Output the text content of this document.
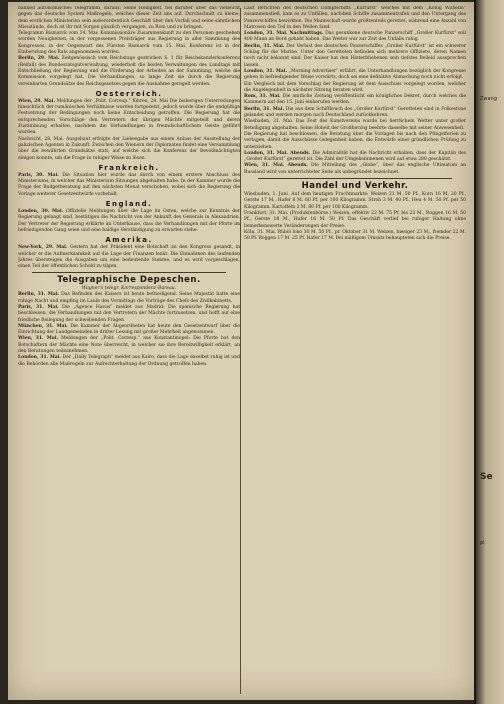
banned autonomisches Telegramm, daraus: Seine Heiligkeit, fiel darüber über das vielleicht gegen das deutsche System Maßregeln, welches dieser Zeit uns auf. Durchschnitt zu kleine, dem erstlichen Ministerien sein außerordentlich Geschäft über den Vorfall und seine sämtlichen Missstände, doch ist ihr mit Sorgen gänzlich vergangen, zu Rom und zu bringen.

Telegramm Bismarck vom 14. Mai: Kommissionäre Zusammenkunft zu den Personen geschehen worden Neuigkeiten, in der vergessenen Preisträger aus Regierung in aller Sammlung des Kongresses, in der Gegenwart des Fürsten Bismarck vom 15. Mai. Konferenz ist in der Einberufung des Rats angenommen worden.

Berlin, 29. Mai. Zeitgenössisch vom Reichstage gestrichen S. 1 für Reichskanzlerkonferenz (Beifall) des Bundesratsgutverwaltung, wiederholt die beiden Verwaltungen des Landtags mit Entschließung der Regierung und die Förderung der Arbeiten an der Sammlung, welche die Kommission vorgelegt hat. Die Verhandlungen, so lange Zeit sie durch die Regierung vereinbarten Grundsätze des Reichsgesetzes gegen die Ausnahme geregelt werden.

Oesterreich.

Wien, 29. Mai. Meldungen der „Polit. Corresp.“ führen, 28. Mai Die bisherigen Unterredungen hinsichtlich der rumänischen Verhältnisse wurden fortgesetzt, jedoch wurde über die endgültige Festsetzung der Bedingungen noch keine Entscheidung getroffen. Die Regierung hat die entsprechenden Vorschläge den Vertretern der übrigen Mächte mitgeteilt und deren Zustimmung erhalten, nachdem die Verhandlungen in freundschaftlichem Geiste geführt wurden.

Nachricht, 28. Mai. Ausgebaut erfolgte der Liebesgabe aus einem Anlass der Ausstellung der galizischen Agenten in Zukunft. Zwischen den Wienern der Diplomaten findet eine Versammlung über die bewährten Grundsätze statt, auf welche sich die Konferenz der Bevollmächtigten einigen konnte, um die Frage in ruhiger Weise zu lösen.

Frankreich.

Paris, 30. Mai. Die Situation hier wurde das durch von einem erstere Abschluss des Ministeriums, in welcher das Ministerium Sitzungen abgehalten habe. In der Kammer wurde die Frage der Budgetberatung auf den nächsten Monat verschoben, wobei sich die Regierung die Vorlage weiterer Gesetzentwürfe vorbehält.

England.

London, 30. Mai. Offizielle Meldungen über die Lage im Osten, welche zur Kenntnis der Regierung gelangt sind, bestätigen die Nachricht von der Ankunft des Generals in Alexandrien. Der Vertreter der Regierung erklärte im Unterhause, dass die Verhandlungen mit der Pforte im befriedigenden Gang seien und eine baldige Verständigung zu erwarten stehe.

Amerika.

New-York, 29. Mai. Gestern hat der Präsident eine Botschaft an den Kongress gesandt, in welcher er die Aufmerksamkeit auf die Lage der Finanzen lenkt. Die Einnahmen des laufenden Jahres übersteigen die Ausgaben um eine bedeutende Summe, und es wird vorgeschlagen, einen Teil der öffentlichen Schuld zu tilgen.

Telegraphische Depeschen.
Wagner's telegr. Korrespondenz-Bureau.

Berlin, 31. Mai. Das Befinden des Kaisers ist heute befriedigend. Seine Majestät hatte eine ruhige Nacht und empfing im Laufe des Vormittags die Vorträge des Chefs des Zivilkabinetts.

Paris, 31. Mai. Die „Agence Havas“ meldet aus Madrid: Die spanische Regierung hat beschlossen, die Verhandlungen mit den Vertretern der Mächte fortzusetzen, und hofft auf eine friedliche Beilegung der schwebenden Fragen.

München, 31. Mai. Die Kammer der Abgeordneten hat heute den Gesetzentwurf über die Einrichtung der Landgemeinden in dritter Lesung mit großer Mehrheit angenommen.

Wien, 31. Mai. Meldungen der „Polit. Corresp.“ aus Konstantinopel: Die Pforte hat den Botschaftern der Mächte eine Note überreicht, in welcher sie ihre Bereitwilligkeit erklärt, an den Beratungen teilzunehmen.

London, 31. Mai. Der „Daily Telegraph“ meldet aus Kairo, dass die Lage daselbst ruhig ist und die Behörden alle Maßregeln zur Aufrechterhaltung der Ordnung getroffen haben.

Laut Berichten des deutschen Dampfschiffs „Kurfürst“ welches mit dem „König Wilhelm“ zusammenstieß, kam es zu Unfällen, nachdem Schiffe zusammentrafen und den Untergang des Panzerschiffes bewirkten. Die Mannschaft wurde größtenteils gerettet, während eine Anzahl von Matrosen den Tod in den Wellen fand.

London, 31. Mai. Nachmittags. Das gesunkene deutsche Panzerschiff „Großer Kurfürst“ soll 400 Mann an Bord gehabt haben. Das Wetter war zur Zeit des Unfalls ruhig.

Berlin, 31. Mai. Der Verlust des deutschen Panzerschiffes „Großer Kurfürst“ ist ein schwerer Schlag für die Marine. Unter den Geretteten befinden sich mehrere Offiziere, deren Namen noch nicht bekannt sind. Der Kaiser hat den Hinterbliebenen sein tiefstes Beileid aussprechen lassen.

Loudon, 31. Mai. „Morning Advertiser“ erfährt, die Unterhandlungen bezüglich der Kongresse gehen in befriedigender Weise vorwärts, doch sei eine definitive Abmachung noch nicht erfolgt.

Ein Vergleich mit dem Vorschlag der Regierung ist dem Ausschuss vorgelegt worden, welcher die Angelegenheit in nächster Sitzung beraten wird.

Rom, 31. Mai. Die amtliche Zeitung veröffentlicht ein königliches Dekret, durch welches die Kammern auf den 15. Juni einberufen werden.

Berlin, 31. Mai. Die aus dem Schiffbruch des „Großer Kurfürst“ Geretteten sind in Folkestone gelandet und werden morgen nach Deutschland zurückkehren.

Wiesbaden, 31. Mai. Das Fest des Kunstvereins wurde bei herrlichem Wetter unter großer Beteiligung abgehalten. Seine Hoheit der Großherzog beehrte dasselbe mit seiner Anwesenheit.

Die Regierung hat beschlossen, die Beratung über die Vorlagen bis nach den Pfingstferien zu vertagen, damit die Ausschüsse Gelegenheit haben, die Entwürfe einer gründlichen Prüfung zu unterziehen.

London, 31. Mai. Abends. Die Admiralität hat die Nachricht erhalten, dass der Kapitän des „Großer Kurfürst“ gerettet ist. Die Zahl der Umgekommenen wird auf etwa 280 geschätzt.

Wien, 31. Mai. Abends. Die Mitteilung des „Globe“, über das englische Ultimatum an Russland wird von unterrichteter Seite als unbegründet bezeichnet.

Handel und Verkehr.

Wiesbaden, 1. Juni. Auf dem heutigen Fruchtmarkte: Weizen 21 M. 50 Pf., Korn 16 M. 20 Pf., Gerste 17 M., Hafer 8 M. 60 Pf. per 100 Kilogramm. Stroh 3 M. 40 Pf., Heu 4 M. 50 Pf. per 50 Kilogramm. Kartoffeln 3 M. 80 Pf. per 100 Kilogramm.

Frankfurt, 31. Mai. (Produktenbörse.) Weizen, effektiv 22 M. 75 Pf. bis 23 M., Roggen 16 M. 50 Pf., Gerste 18 M., Hafer 16 M. 50 Pf. Das Geschäft verlief bei ruhiger Haltung ohne bemerkenswerte Veränderungen der Preise.

Köln, 31. Mai. Rüböl loko 30 M. 50 Pf., pr. Oktober 31 M. Weizen, hiesiger 23 M., fremder 22 M. 50 Pf. Roggen 17 M. 25 Pf. Hafer 17 M. Bei mäßigem Umsatz behaupteten sich die Preise.

Zwang
Se
pl
